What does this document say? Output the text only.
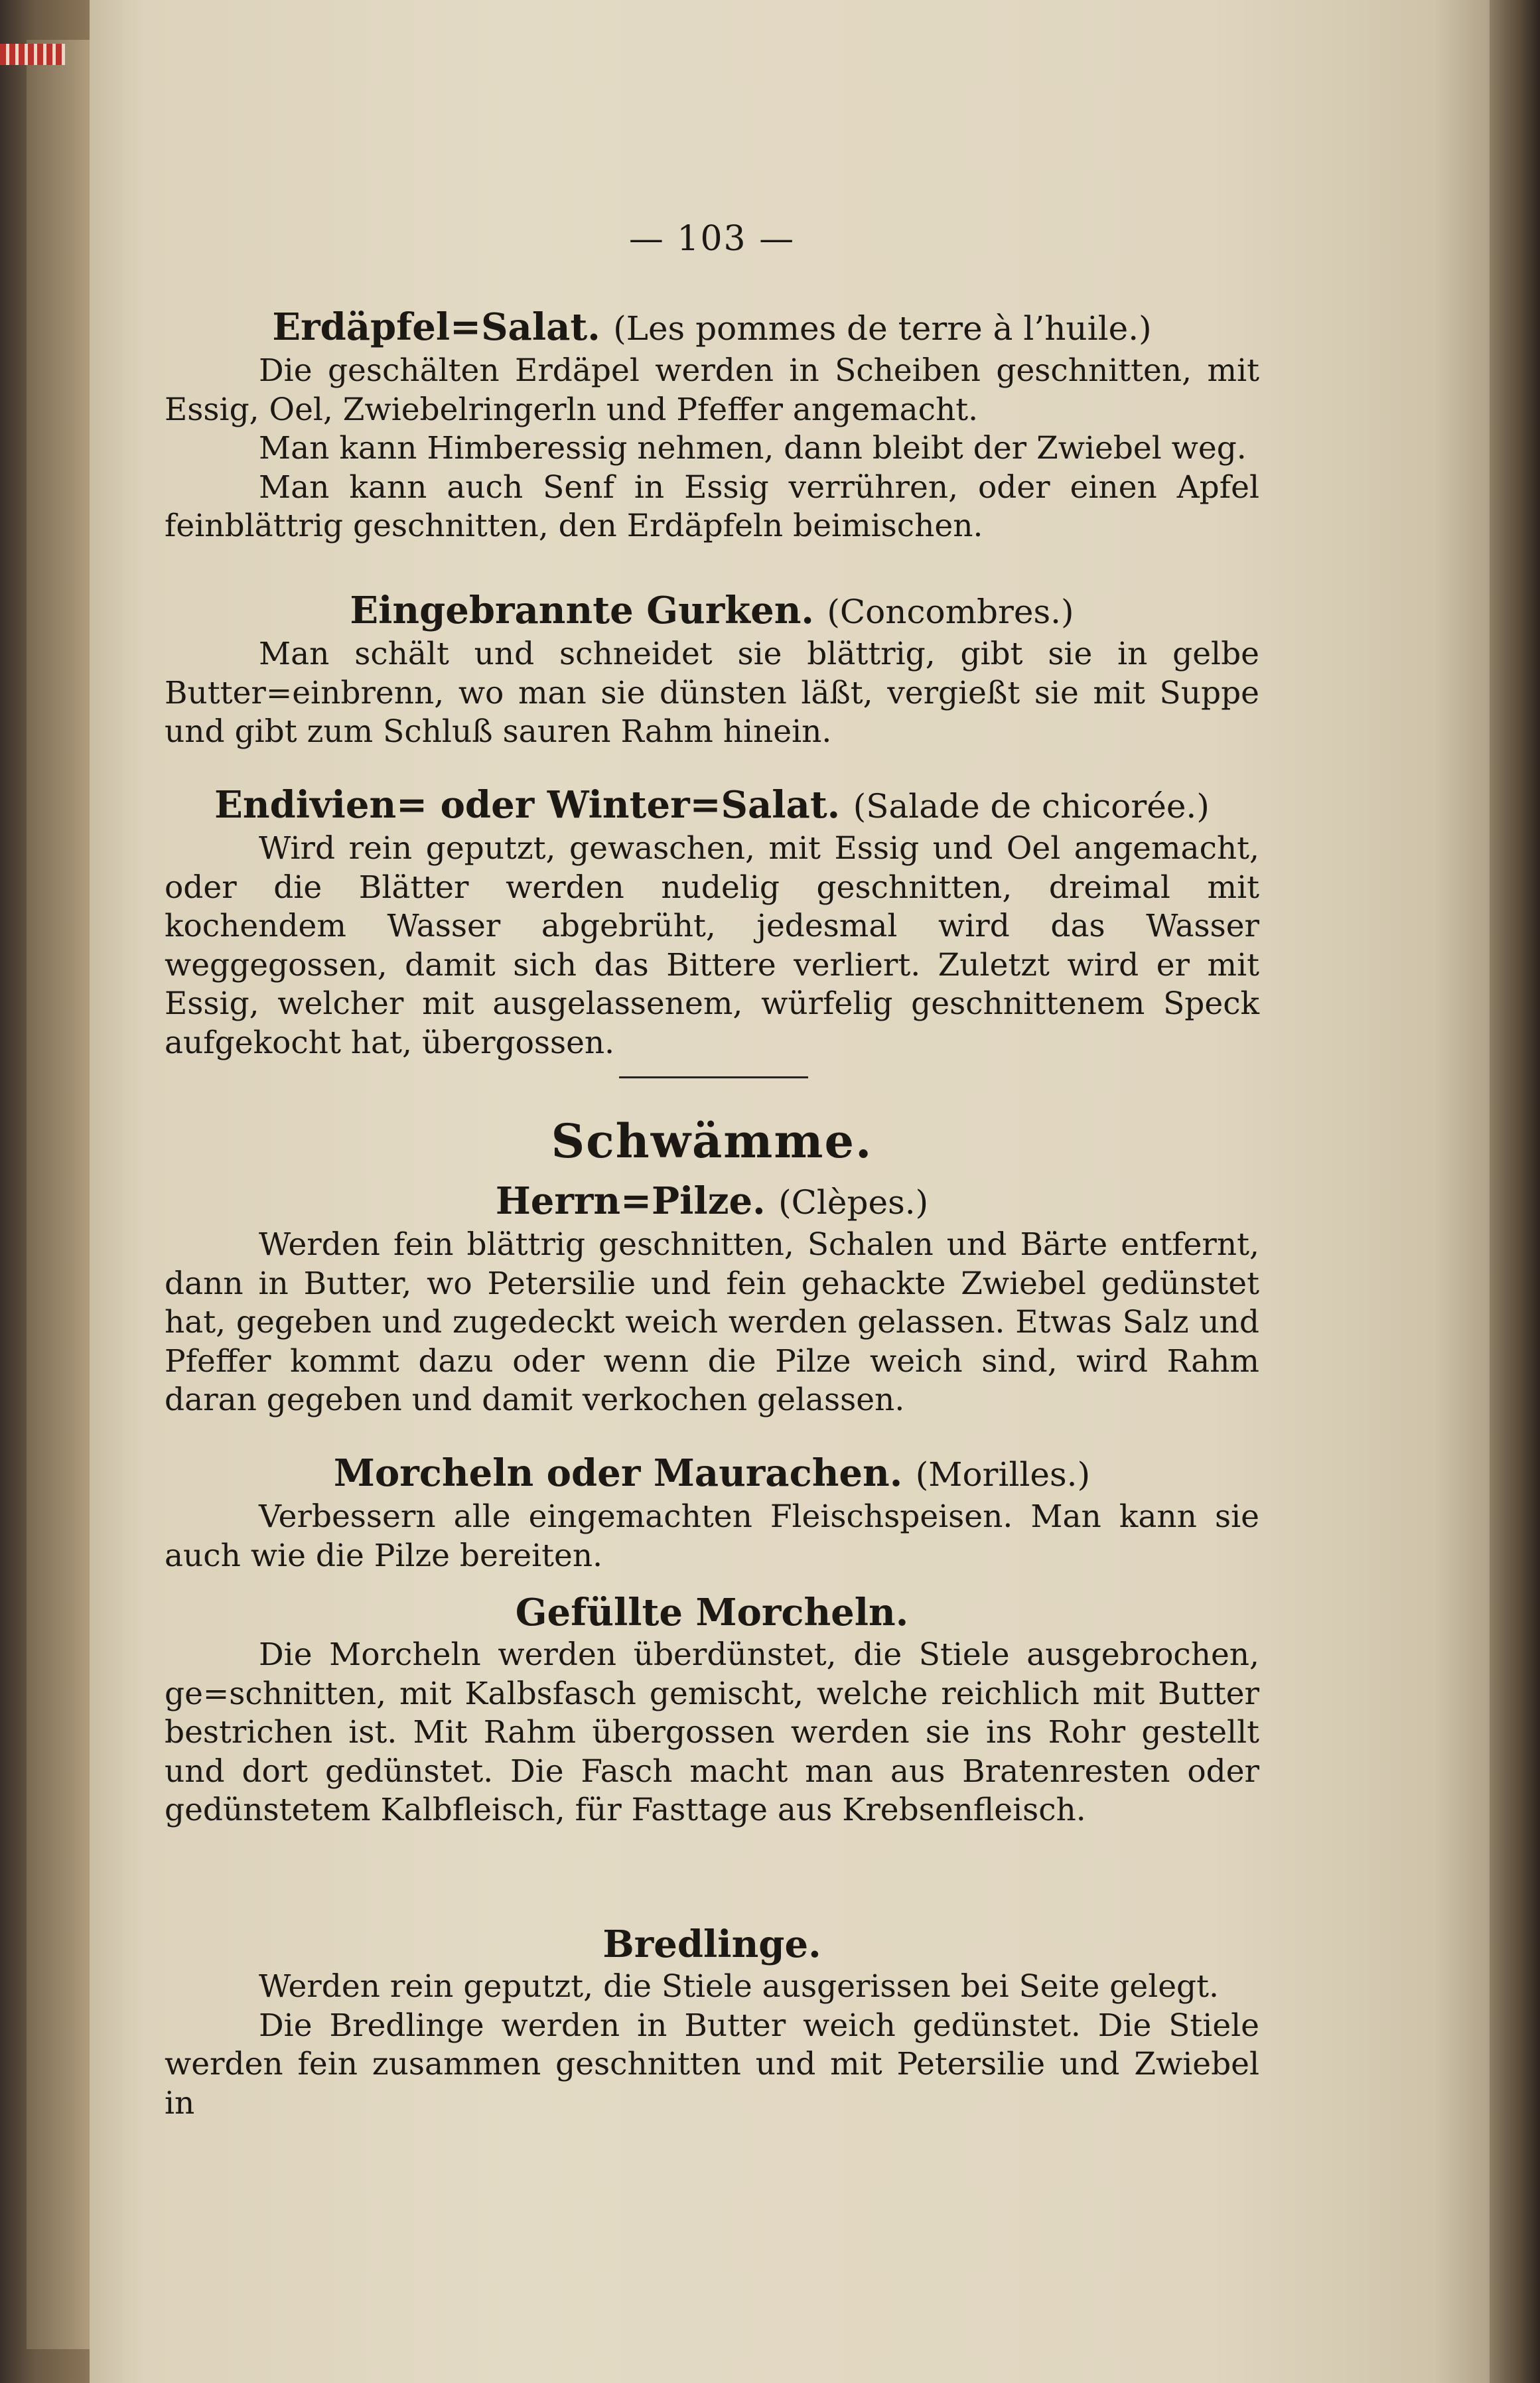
— 103 —
Erdäpfel=Salat. (Les pommes de terre à l’huile.)

Die geschälten Erdäpel werden in Scheiben geschnitten, mit Essig, Oel, Zwiebelringerln und Pfeffer angemacht.

Man kann Himberessig nehmen, dann bleibt der Zwiebel weg.

Man kann auch Senf in Essig verrühren, oder einen Apfel feinblättrig geschnitten, den Erdäpfeln beimischen.

Eingebrannte Gurken. (Concombres.)

Man schält und schneidet sie blättrig, gibt sie in gelbe Butter=einbrenn, wo man sie dünsten läßt, vergießt sie mit Suppe und gibt zum Schluß sauren Rahm hinein.

Endivien= oder Winter=Salat. (Salade de chicorée.)

Wird rein geputzt, gewaschen, mit Essig und Oel angemacht, oder die Blätter werden nudelig geschnitten, dreimal mit kochendem Wasser abgebrüht, jedesmal wird das Wasser weggegossen, damit sich das Bittere verliert. Zuletzt wird er mit Essig, welcher mit ausgelassenem, würfelig geschnittenem Speck aufgekocht hat, übergossen.

Schwämme.
Herrn=Pilze. (Clèpes.)

Werden fein blättrig geschnitten, Schalen und Bärte entfernt, dann in Butter, wo Petersilie und fein gehackte Zwiebel gedünstet hat, gegeben und zugedeckt weich werden gelassen. Etwas Salz und Pfeffer kommt dazu oder wenn die Pilze weich sind, wird Rahm daran gegeben und damit verkochen gelassen.

Morcheln oder Maurachen. (Morilles.)

Verbessern alle eingemachten Fleischspeisen. Man kann sie auch wie die Pilze bereiten.

Gefüllte Morcheln.

Die Morcheln werden überdünstet, die Stiele ausgebrochen, ge=schnitten, mit Kalbsfasch gemischt, welche reichlich mit Butter bestrichen ist. Mit Rahm übergossen werden sie ins Rohr gestellt und dort gedünstet. Die Fasch macht man aus Bratenresten oder gedünstetem Kalbfleisch, für Fasttage aus Krebsenfleisch.

Bredlinge.

Werden rein geputzt, die Stiele ausgerissen bei Seite gelegt.

Die Bredlinge werden in Butter weich gedünstet. Die Stiele werden fein zusammen geschnitten und mit Petersilie und Zwiebel in
